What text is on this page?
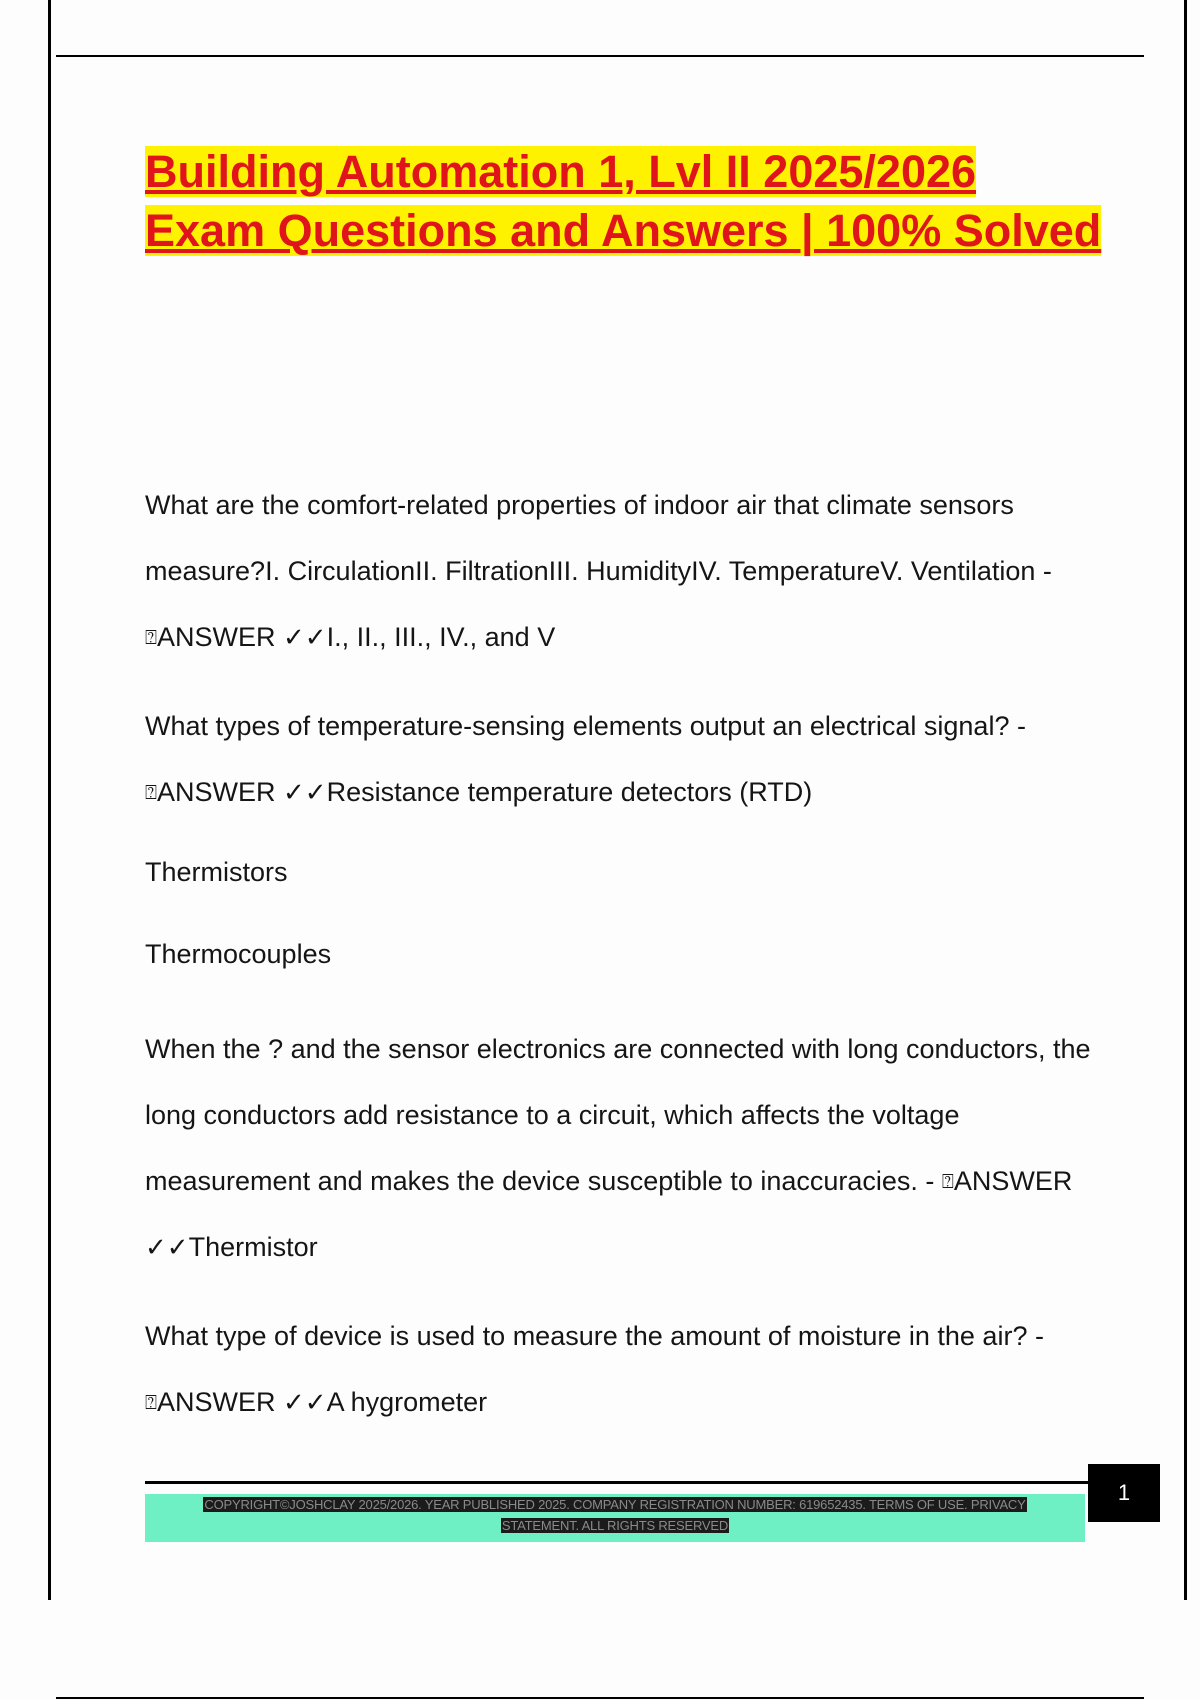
Building Automation 1, Lvl II 2025/2026 Exam Questions and Answers | 100% Solved

What are the comfort-related properties of indoor air that climate sensors measure?I. CirculationII. FiltrationIII. HumidityIV. TemperatureV. Ventilation - ⍰ANSWER ✓✓I., II., III., IV., and V

What types of temperature-sensing elements output an electrical signal? - ⍰ANSWER ✓✓Resistance temperature detectors (RTD)

Thermistors

Thermocouples

When the ? and the sensor electronics are connected with long conductors, the long conductors add resistance to a circuit, which affects the voltage measurement and makes the device susceptible to inaccuracies. - ⍰ANSWER ✓✓Thermistor

What type of device is used to measure the amount of moisture in the air? - ⍰ANSWER ✓✓A hygrometer

COPYRIGHT©JOSHCLAY 2025/2026. YEAR PUBLISHED 2025. COMPANY REGISTRATION NUMBER: 619652435. TERMS OF USE. PRIVACY
STATEMENT. ALL RIGHTS RESERVED
1
